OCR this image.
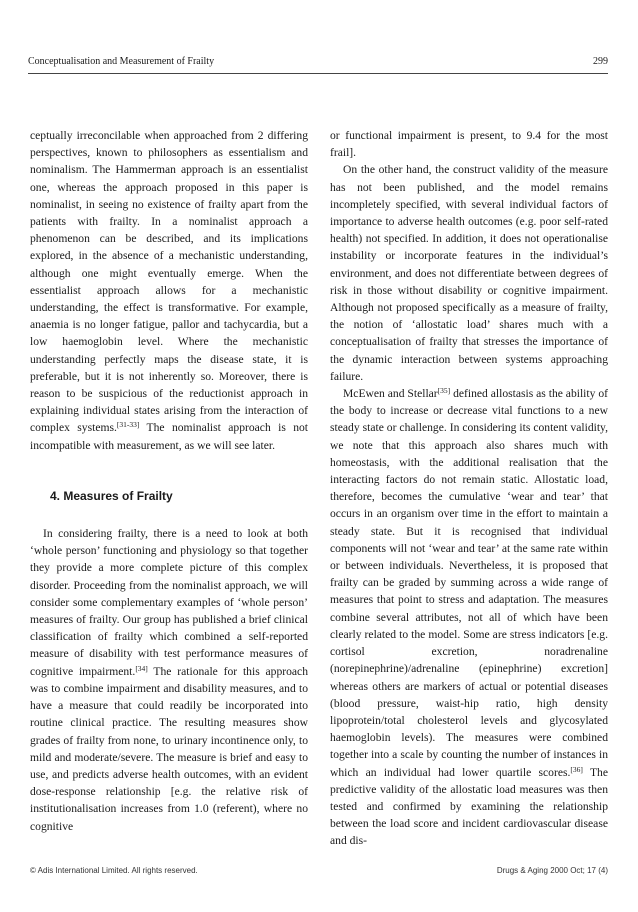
Conceptualisation and Measurement of Frailty	299

ceptually irreconcilable when approached from 2 differing perspectives, known to philosophers as essentialism and nominalism. The Hammerman approach is an essentialist one, whereas the approach proposed in this paper is nominalist, in seeing no existence of frailty apart from the patients with frailty. In a nominalist approach a phenomenon can be described, and its implications explored, in the absence of a mechanistic understanding, although one might eventually emerge. When the essentialist approach allows for a mechanistic understanding, the effect is transformative. For example, anaemia is no longer fatigue, pallor and tachycardia, but a low haemoglobin level. Where the mechanistic understanding perfectly maps the disease state, it is preferable, but it is not inherently so. Moreover, there is reason to be suspicious of the reductionist approach in explaining individual states arising from the interaction of complex systems.[31-33] The nominalist approach is not incompatible with measurement, as we will see later.

4. Measures of Frailty

In considering frailty, there is a need to look at both ‘whole person’ functioning and physiology so that together they provide a more complete picture of this complex disorder. Proceeding from the nominalist approach, we will consider some complementary examples of ‘whole person’ measures of frailty. Our group has published a brief clinical classification of frailty which combined a self-reported measure of disability with test performance measures of cognitive impairment.[34] The rationale for this approach was to combine impairment and disability measures, and to have a measure that could readily be incorporated into routine clinical practice. The resulting measures show grades of frailty from none, to urinary incontinence only, to mild and moderate/severe. The measure is brief and easy to use, and predicts adverse health outcomes, with an evident dose-response relationship [e.g. the relative risk of institutionalisation increases from 1.0 (referent), where no cognitive

or functional impairment is present, to 9.4 for the most frail].

On the other hand, the construct validity of the measure has not been published, and the model remains incompletely specified, with several individual factors of importance to adverse health outcomes (e.g. poor self-rated health) not specified. In addition, it does not operationalise instability or incorporate features in the individual’s environment, and does not differentiate between degrees of risk in those without disability or cognitive impairment. Although not proposed specifically as a measure of frailty, the notion of ‘allostatic load’ shares much with a conceptualisation of frailty that stresses the importance of the dynamic interaction between systems approaching failure.

McEwen and Stellar[35] defined allostasis as the ability of the body to increase or decrease vital functions to a new steady state or challenge. In considering its content validity, we note that this approach also shares much with homeostasis, with the additional realisation that the interacting factors do not remain static. Allostatic load, therefore, becomes the cumulative ‘wear and tear’ that occurs in an organism over time in the effort to maintain a steady state. But it is recognised that individual components will not ‘wear and tear’ at the same rate within or between individuals. Nevertheless, it is proposed that frailty can be graded by summing across a wide range of measures that point to stress and adaptation. The measures combine several attributes, not all of which have been clearly related to the model. Some are stress indicators [e.g. cortisol excretion, noradrenaline (norepinephrine)/adrenaline (epinephrine) excretion] whereas others are markers of actual or potential diseases (blood pressure, waist-hip ratio, high density lipoprotein/total cholesterol levels and glycosylated haemoglobin levels). The measures were combined together into a scale by counting the number of instances in which an individual had lower quartile scores.[36] The predictive validity of the allostatic load measures was then tested and confirmed by examining the relationship between the load score and incident cardiovascular disease and dis-

© Adis International Limited. All rights reserved.	Drugs & Aging 2000 Oct; 17 (4)
